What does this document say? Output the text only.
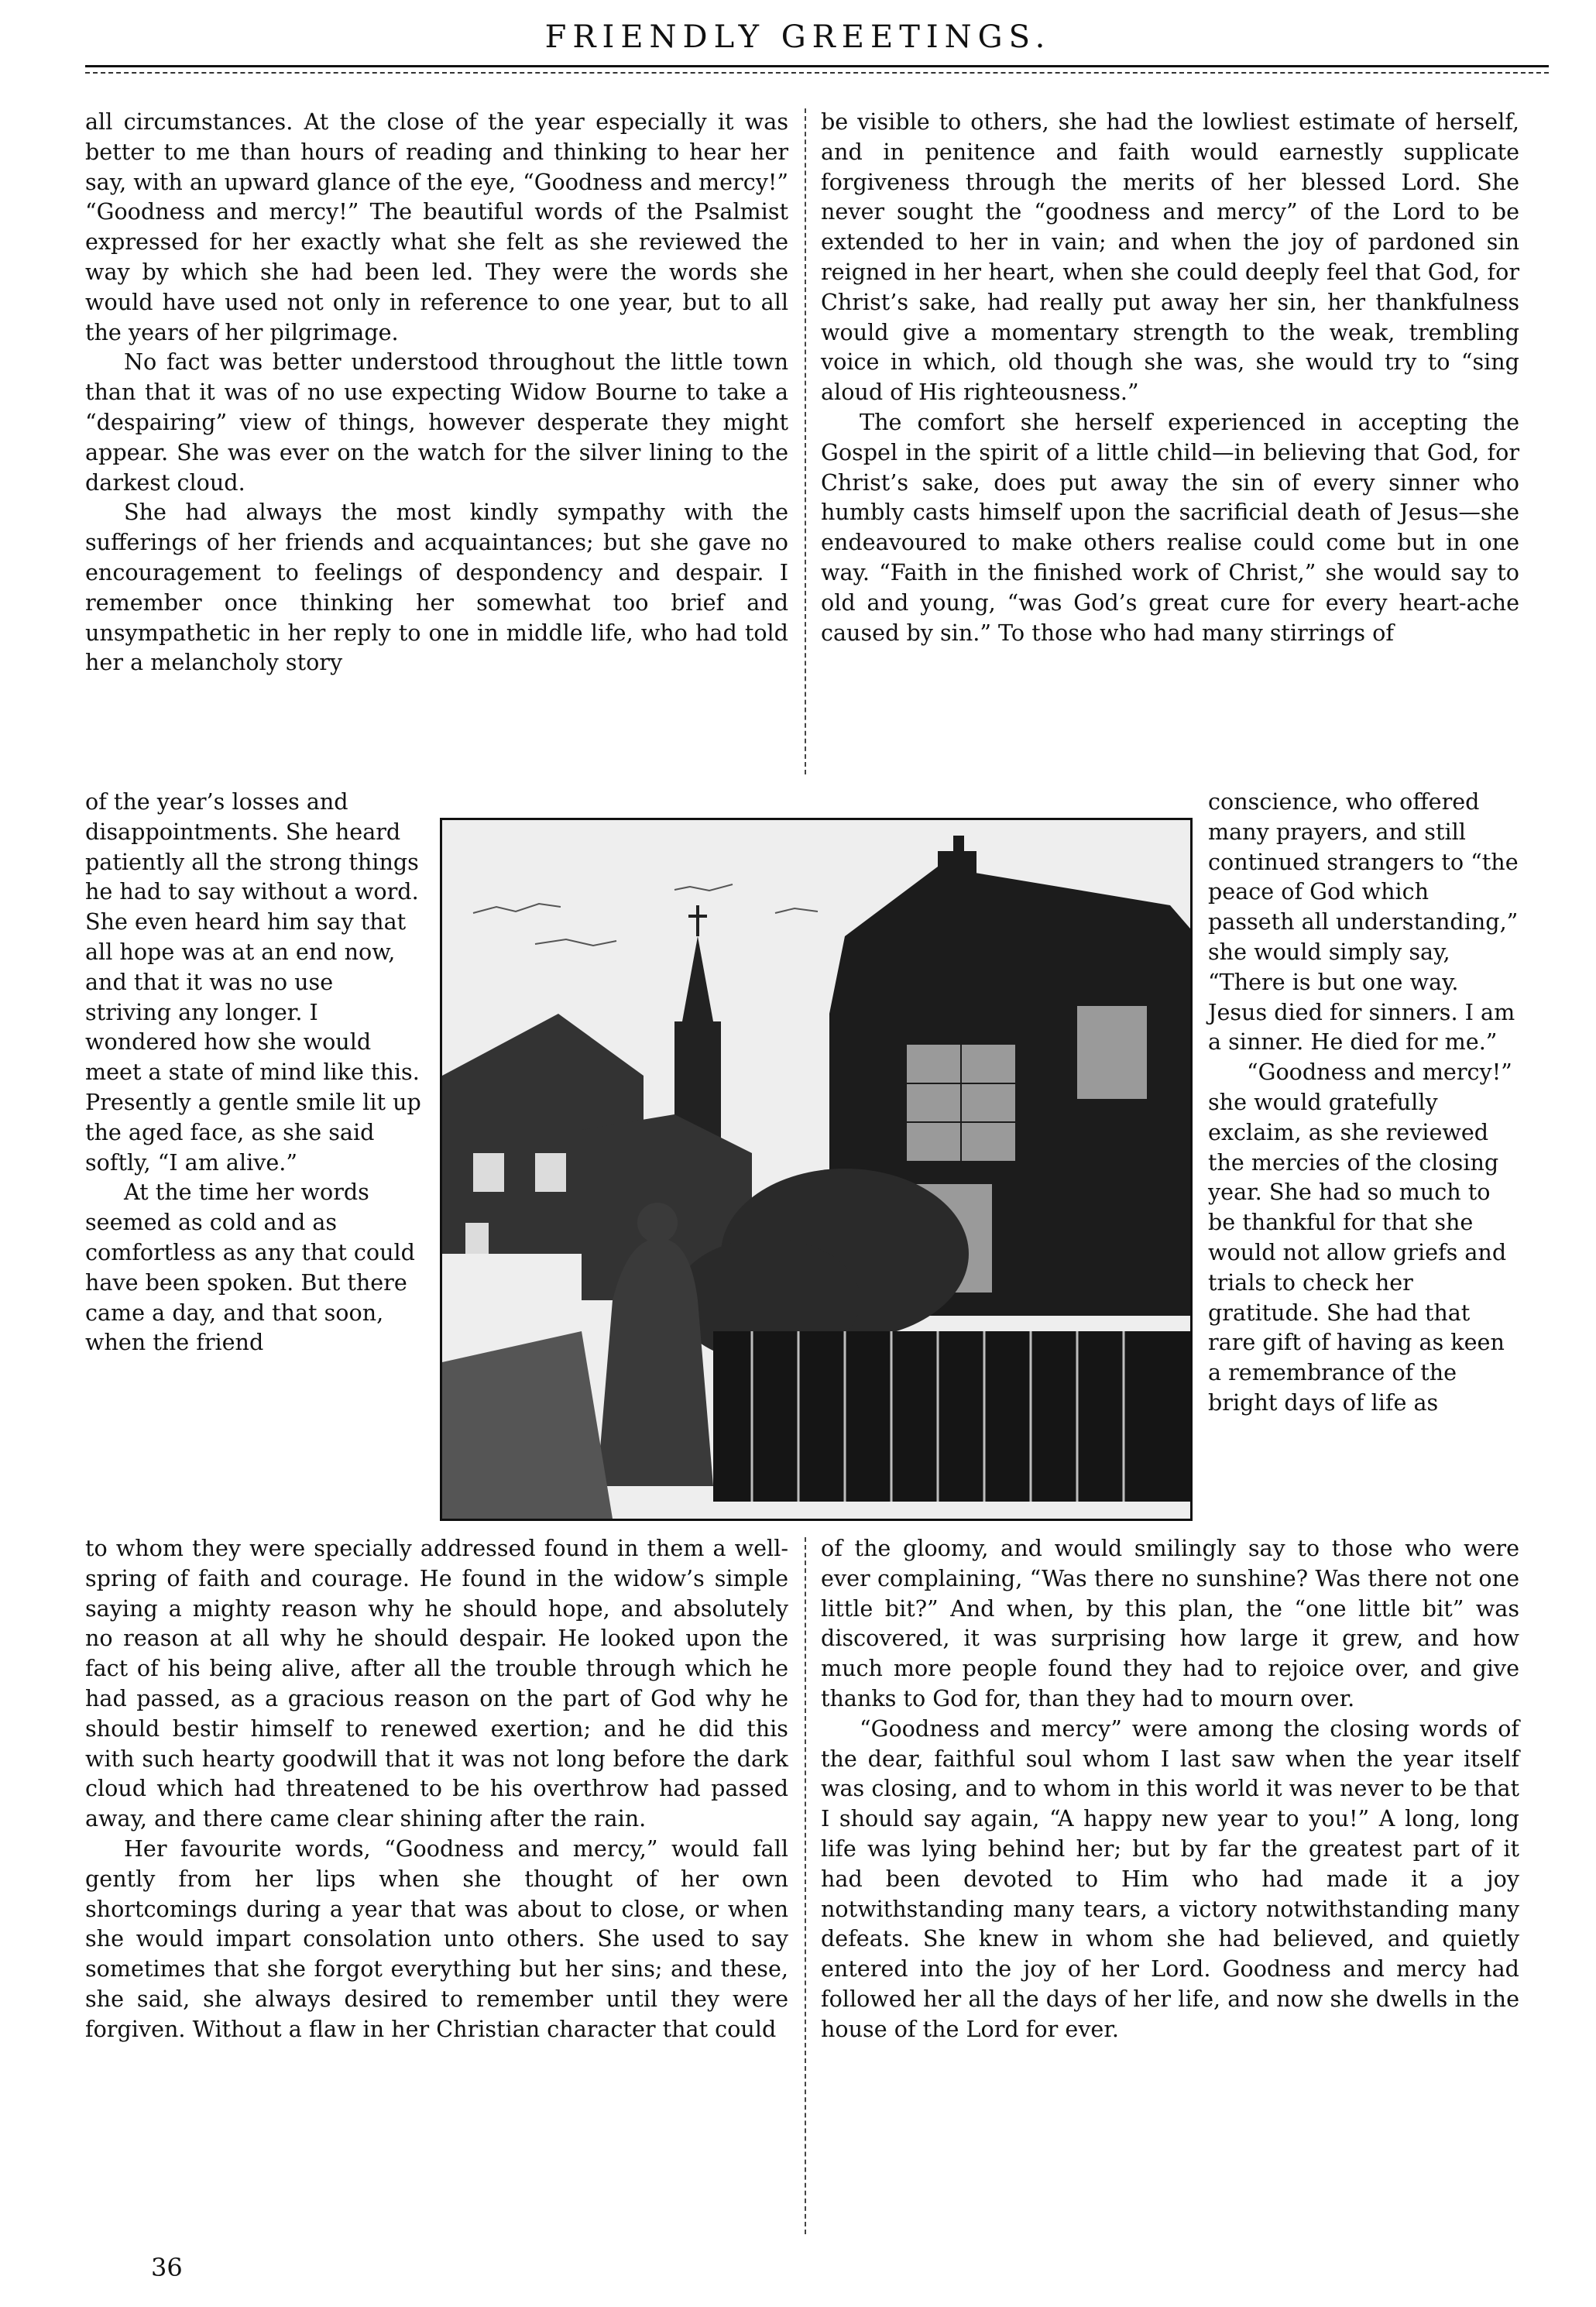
FRIENDLY GREETINGS.

all circumstances. At the close of the year especially it was better to me than hours of reading and thinking to hear her say, with an upward glance of the eye, “Goodness and mercy!” “Goodness and mercy!” The beautiful words of the Psalmist expressed for her exactly what she felt as she reviewed the way by which she had been led. They were the words she would have used not only in reference to one year, but to all the years of her pilgrimage.

No fact was better understood throughout the little town than that it was of no use expecting Widow Bourne to take a “despairing” view of things, however desperate they might appear. She was ever on the watch for the silver lining to the darkest cloud.

She had always the most kindly sympathy with the sufferings of her friends and acquaintances; but she gave no encouragement to feelings of despondency and despair. I remember once thinking her somewhat too brief and unsympathetic in her reply to one in middle life, who had told her a melancholy story

be visible to others, she had the lowliest estimate of herself, and in penitence and faith would earnestly supplicate forgiveness through the merits of her blessed Lord. She never sought the “goodness and mercy” of the Lord to be extended to her in vain; and when the joy of pardoned sin reigned in her heart, when she could deeply feel that God, for Christ’s sake, had really put away her sin, her thankfulness would give a momentary strength to the weak, trembling voice in which, old though she was, she would try to “sing aloud of His righteousness.”

The comfort she herself experienced in accepting the Gospel in the spirit of a little child—in believing that God, for Christ’s sake, does put away the sin of every sinner who humbly casts himself upon the sacrificial death of Jesus—she endeavoured to make others realise could come but in one way. “Faith in the finished work of Christ,” she would say to old and young, “was God’s great cure for every heart-ache caused by sin.” To those who had many stirrings of

of the year’s losses and disappointments. She heard patiently all the strong things he had to say without a word. She even heard him say that all hope was at an end now, and that it was no use striving any longer. I wondered how she would meet a state of mind like this. Presently a gentle smile lit up the aged face, as she said softly, “I am alive.”

At the time her words seemed as cold and as comfortless as any that could have been spoken. But there came a day, and that soon, when the friend

conscience, who offered many prayers, and still continued strangers to “the peace of God which passeth all understanding,” she would simply say, “There is but one way. Jesus died for sinners. I am a sinner. He died for me.”

“Goodness and mercy!” she would gratefully exclaim, as she reviewed the mercies of the closing year. She had so much to be thankful for that she would not allow griefs and trials to check her gratitude. She had that rare gift of having as keen a remembrance of the bright days of life as

to whom they were specially addressed found in them a well-spring of faith and courage. He found in the widow’s simple saying a mighty reason why he should hope, and absolutely no reason at all why he should despair. He looked upon the fact of his being alive, after all the trouble through which he had passed, as a gracious reason on the part of God why he should bestir himself to renewed exertion; and he did this with such hearty goodwill that it was not long before the dark cloud which had threatened to be his overthrow had passed away, and there came clear shining after the rain.

Her favourite words, “Goodness and mercy,” would fall gently from her lips when she thought of her own shortcomings during a year that was about to close, or when she would impart consolation unto others. She used to say sometimes that she forgot everything but her sins; and these, she said, she always desired to remember until they were forgiven. Without a flaw in her Christian character that could

of the gloomy, and would smilingly say to those who were ever complaining, “Was there no sunshine? Was there not one little bit?” And when, by this plan, the “one little bit” was discovered, it was surprising how large it grew, and how much more people found they had to rejoice over, and give thanks to God for, than they had to mourn over.

“Goodness and mercy” were among the closing words of the dear, faithful soul whom I last saw when the year itself was closing, and to whom in this world it was never to be that I should say again, “A happy new year to you!” A long, long life was lying behind her; but by far the greatest part of it had been devoted to Him who had made it a joy notwithstanding many tears, a victory notwithstanding many defeats. She knew in whom she had believed, and quietly entered into the joy of her Lord. Goodness and mercy had followed her all the days of her life, and now she dwells in the house of the Lord for ever.

36
